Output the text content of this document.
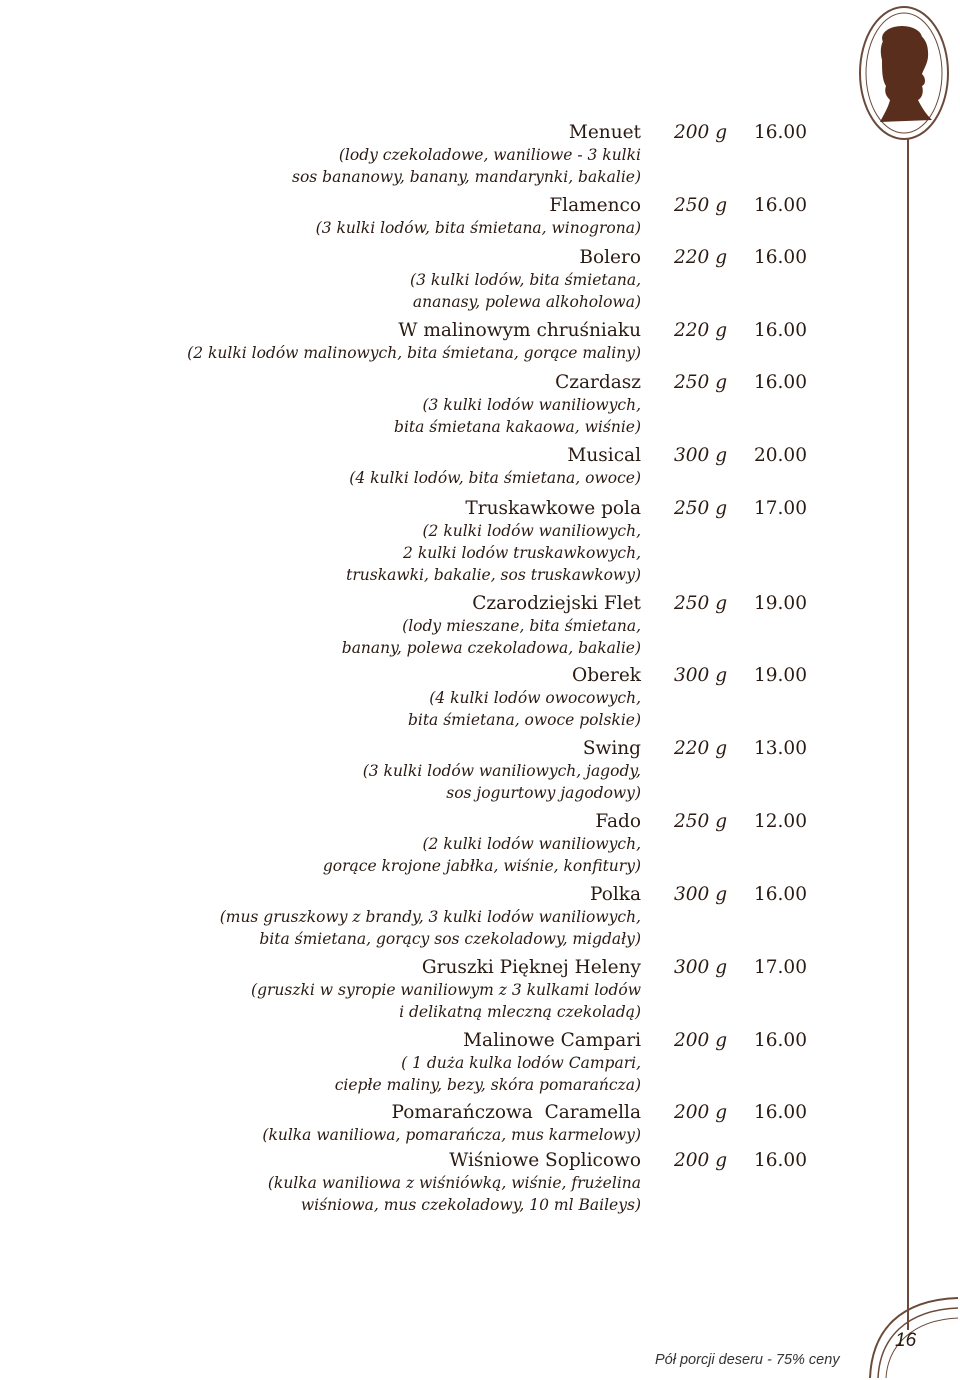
Menuet
(lody czekoladowe, waniliowe - 3 kulki
sos bananowy, banany, mandarynki, bakalie)
200 g 16.00
Flamenco
(3 kulki lodów, bita śmietana, winogrona)
250 g 16.00
Bolero
(3 kulki lodów, bita śmietana,
ananasy, polewa alkoholowa)
220 g 16.00
W malinowym chruśniaku
(2 kulki lodów malinowych, bita śmietana, gorące maliny)
220 g 16.00
Czardasz
(3 kulki lodów waniliowych,
bita śmietana kakaowa, wiśnie)
250 g 16.00
Musical
(4 kulki lodów, bita śmietana, owoce)
300 g 20.00
Truskawkowe pola
(2 kulki lodów waniliowych,
2 kulki lodów truskawkowych,
truskawki, bakalie, sos truskawkowy)
250 g 17.00
Czarodziejski Flet
(lody mieszane, bita śmietana,
banany, polewa czekoladowa, bakalie)
250 g 19.00
Oberek
(4 kulki lodów owocowych,
bita śmietana, owoce polskie)
300 g 19.00
Swing
(3 kulki lodów waniliowych, jagody,
sos jogurtowy jagodowy)
220 g 13.00
Fado
(2 kulki lodów waniliowych,
gorące krojone jabłka, wiśnie, konfitury)
250 g 12.00
Polka
(mus gruszkowy z brandy, 3 kulki lodów waniliowych,
bita śmietana, gorący sos czekoladowy, migdały)
300 g 16.00
Gruszki Pięknej Heleny
(gruszki w syropie waniliowym z 3 kulkami lodów
i delikatną mleczną czekoladą)
300 g 17.00
Malinowe Campari
( 1 duża kulka lodów Campari,
ciepłe maliny, bezy, skóra pomarańcza)
200 g 16.00
Pomarańczowa  Caramella
(kulka waniliowa, pomarańcza, mus karmelowy)
200 g 16.00
Wiśniowe Soplicowo
(kulka waniliowa z wiśniówką, wiśnie, frużelina
wiśniowa, mus czekoladowy, 10 ml Baileys)
200 g 16.00
Pół porcji deseru - 75% ceny
16
